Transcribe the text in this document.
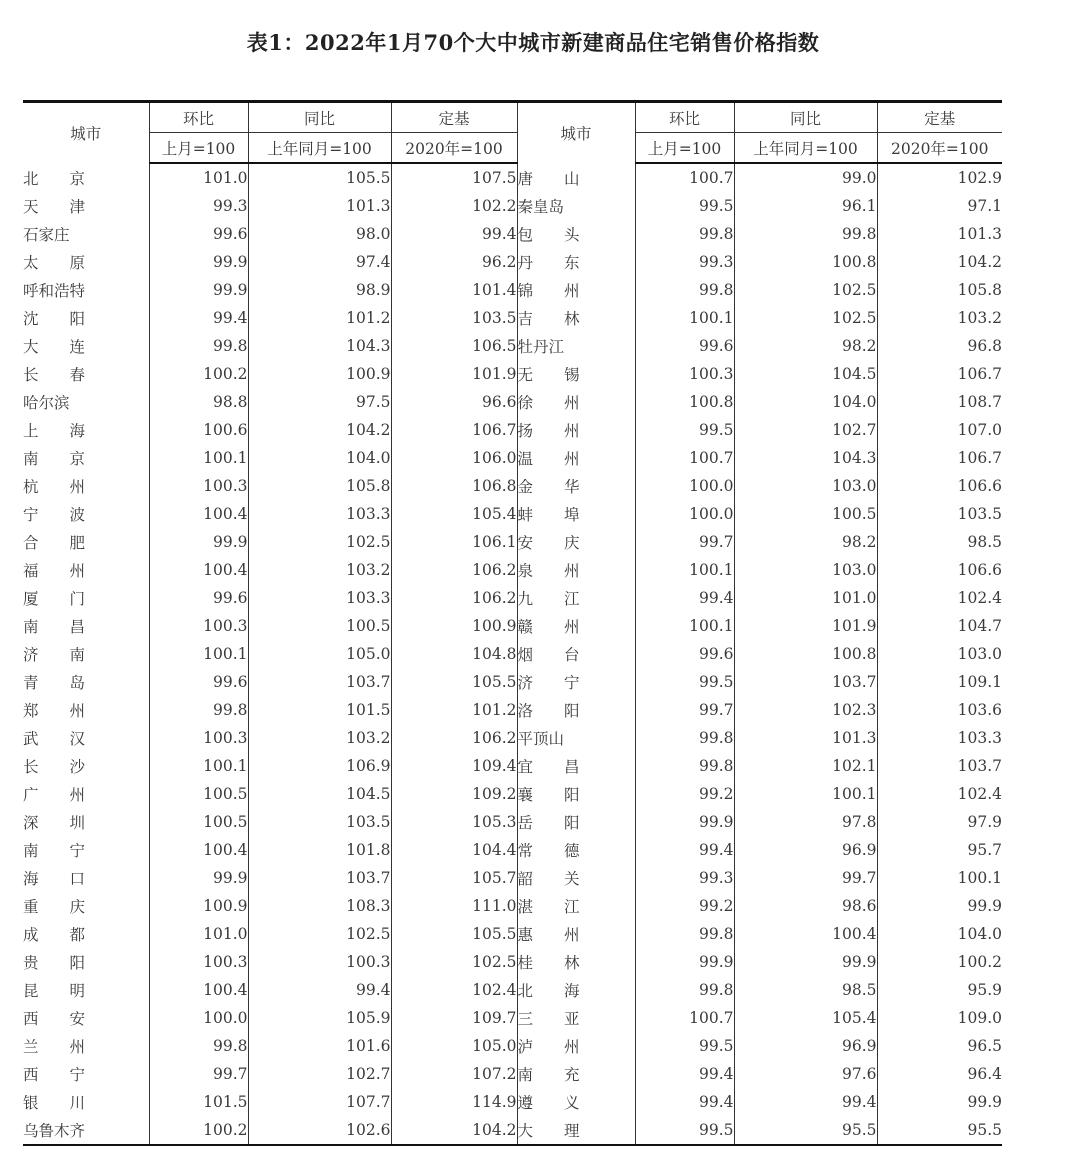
表1：2022年1月70个大中城市新建商品住宅销售价格指数
城市	环比	同比	定基	城市	环比	同比	定基
	上月=100	上年同月=100	2020年=100		上月=100	上年同月=100	2020年=100
北　　京	101.0	105.5	107.5	唐　　山	100.7	99.0	102.9
天　　津	99.3	101.3	102.2	秦皇岛	99.5	96.1	97.1
石家庄	99.6	98.0	99.4	包　　头	99.8	99.8	101.3
太　　原	99.9	97.4	96.2	丹　　东	99.3	100.8	104.2
呼和浩特	99.9	98.9	101.4	锦　　州	99.8	102.5	105.8
沈　　阳	99.4	101.2	103.5	吉　　林	100.1	102.5	103.2
大　　连	99.8	104.3	106.5	牡丹江	99.6	98.2	96.8
长　　春	100.2	100.9	101.9	无　　锡	100.3	104.5	106.7
哈尔滨	98.8	97.5	96.6	徐　　州	100.8	104.0	108.7
上　　海	100.6	104.2	106.7	扬　　州	99.5	102.7	107.0
南　　京	100.1	104.0	106.0	温　　州	100.7	104.3	106.7
杭　　州	100.3	105.8	106.8	金　　华	100.0	103.0	106.6
宁　　波	100.4	103.3	105.4	蚌　　埠	100.0	100.5	103.5
合　　肥	99.9	102.5	106.1	安　　庆	99.7	98.2	98.5
福　　州	100.4	103.2	106.2	泉　　州	100.1	103.0	106.6
厦　　门	99.6	103.3	106.2	九　　江	99.4	101.0	102.4
南　　昌	100.3	100.5	100.9	赣　　州	100.1	101.9	104.7
济　　南	100.1	105.0	104.8	烟　　台	99.6	100.8	103.0
青　　岛	99.6	103.7	105.5	济　　宁	99.5	103.7	109.1
郑　　州	99.8	101.5	101.2	洛　　阳	99.7	102.3	103.6
武　　汉	100.3	103.2	106.2	平顶山	99.8	101.3	103.3
长　　沙	100.1	106.9	109.4	宜　　昌	99.8	102.1	103.7
广　　州	100.5	104.5	109.2	襄　　阳	99.2	100.1	102.4
深　　圳	100.5	103.5	105.3	岳　　阳	99.9	97.8	97.9
南　　宁	100.4	101.8	104.4	常　　德	99.4	96.9	95.7
海　　口	99.9	103.7	105.7	韶　　关	99.3	99.7	100.1
重　　庆	100.9	108.3	111.0	湛　　江	99.2	98.6	99.9
成　　都	101.0	102.5	105.5	惠　　州	99.8	100.4	104.0
贵　　阳	100.3	100.3	102.5	桂　　林	99.9	99.9	100.2
昆　　明	100.4	99.4	102.4	北　　海	99.8	98.5	95.9
西　　安	100.0	105.9	109.7	三　　亚	100.7	105.4	109.0
兰　　州	99.8	101.6	105.0	泸　　州	99.5	96.9	96.5
西　　宁	99.7	102.7	107.2	南　　充	99.4	97.6	96.4
银　　川	101.5	107.7	114.9	遵　　义	99.4	99.4	99.9
乌鲁木齐	100.2	102.6	104.2	大　　理	99.5	95.5	95.5
